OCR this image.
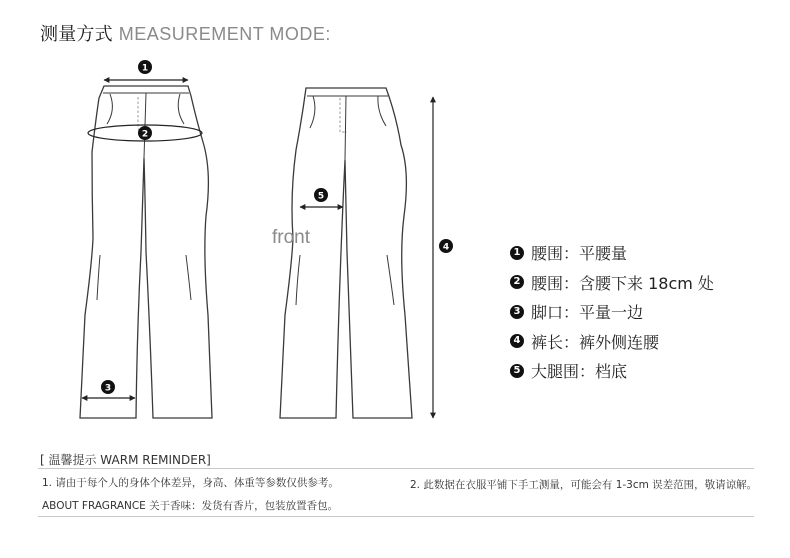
测量方式 MEASUREMENT MODE:
1
2
3
4
5
front
1 腰围：平腰量
2 腰围：含腰下来 18cm 处
3 脚口：平量一边
4 裤长：裤外侧连腰
5 大腿围：档底
[ 温馨提示 WARM REMINDER]
1. 请由于每个人的身体个体差异，身高、体重等参数仅供参考。	2. 此数据在衣服平铺下手工测量，可能会有 1-3cm 误差范围，敬请谅解。
ABOUT FRAGRANCE 关于香味：发货有香片，包装放置香包。
